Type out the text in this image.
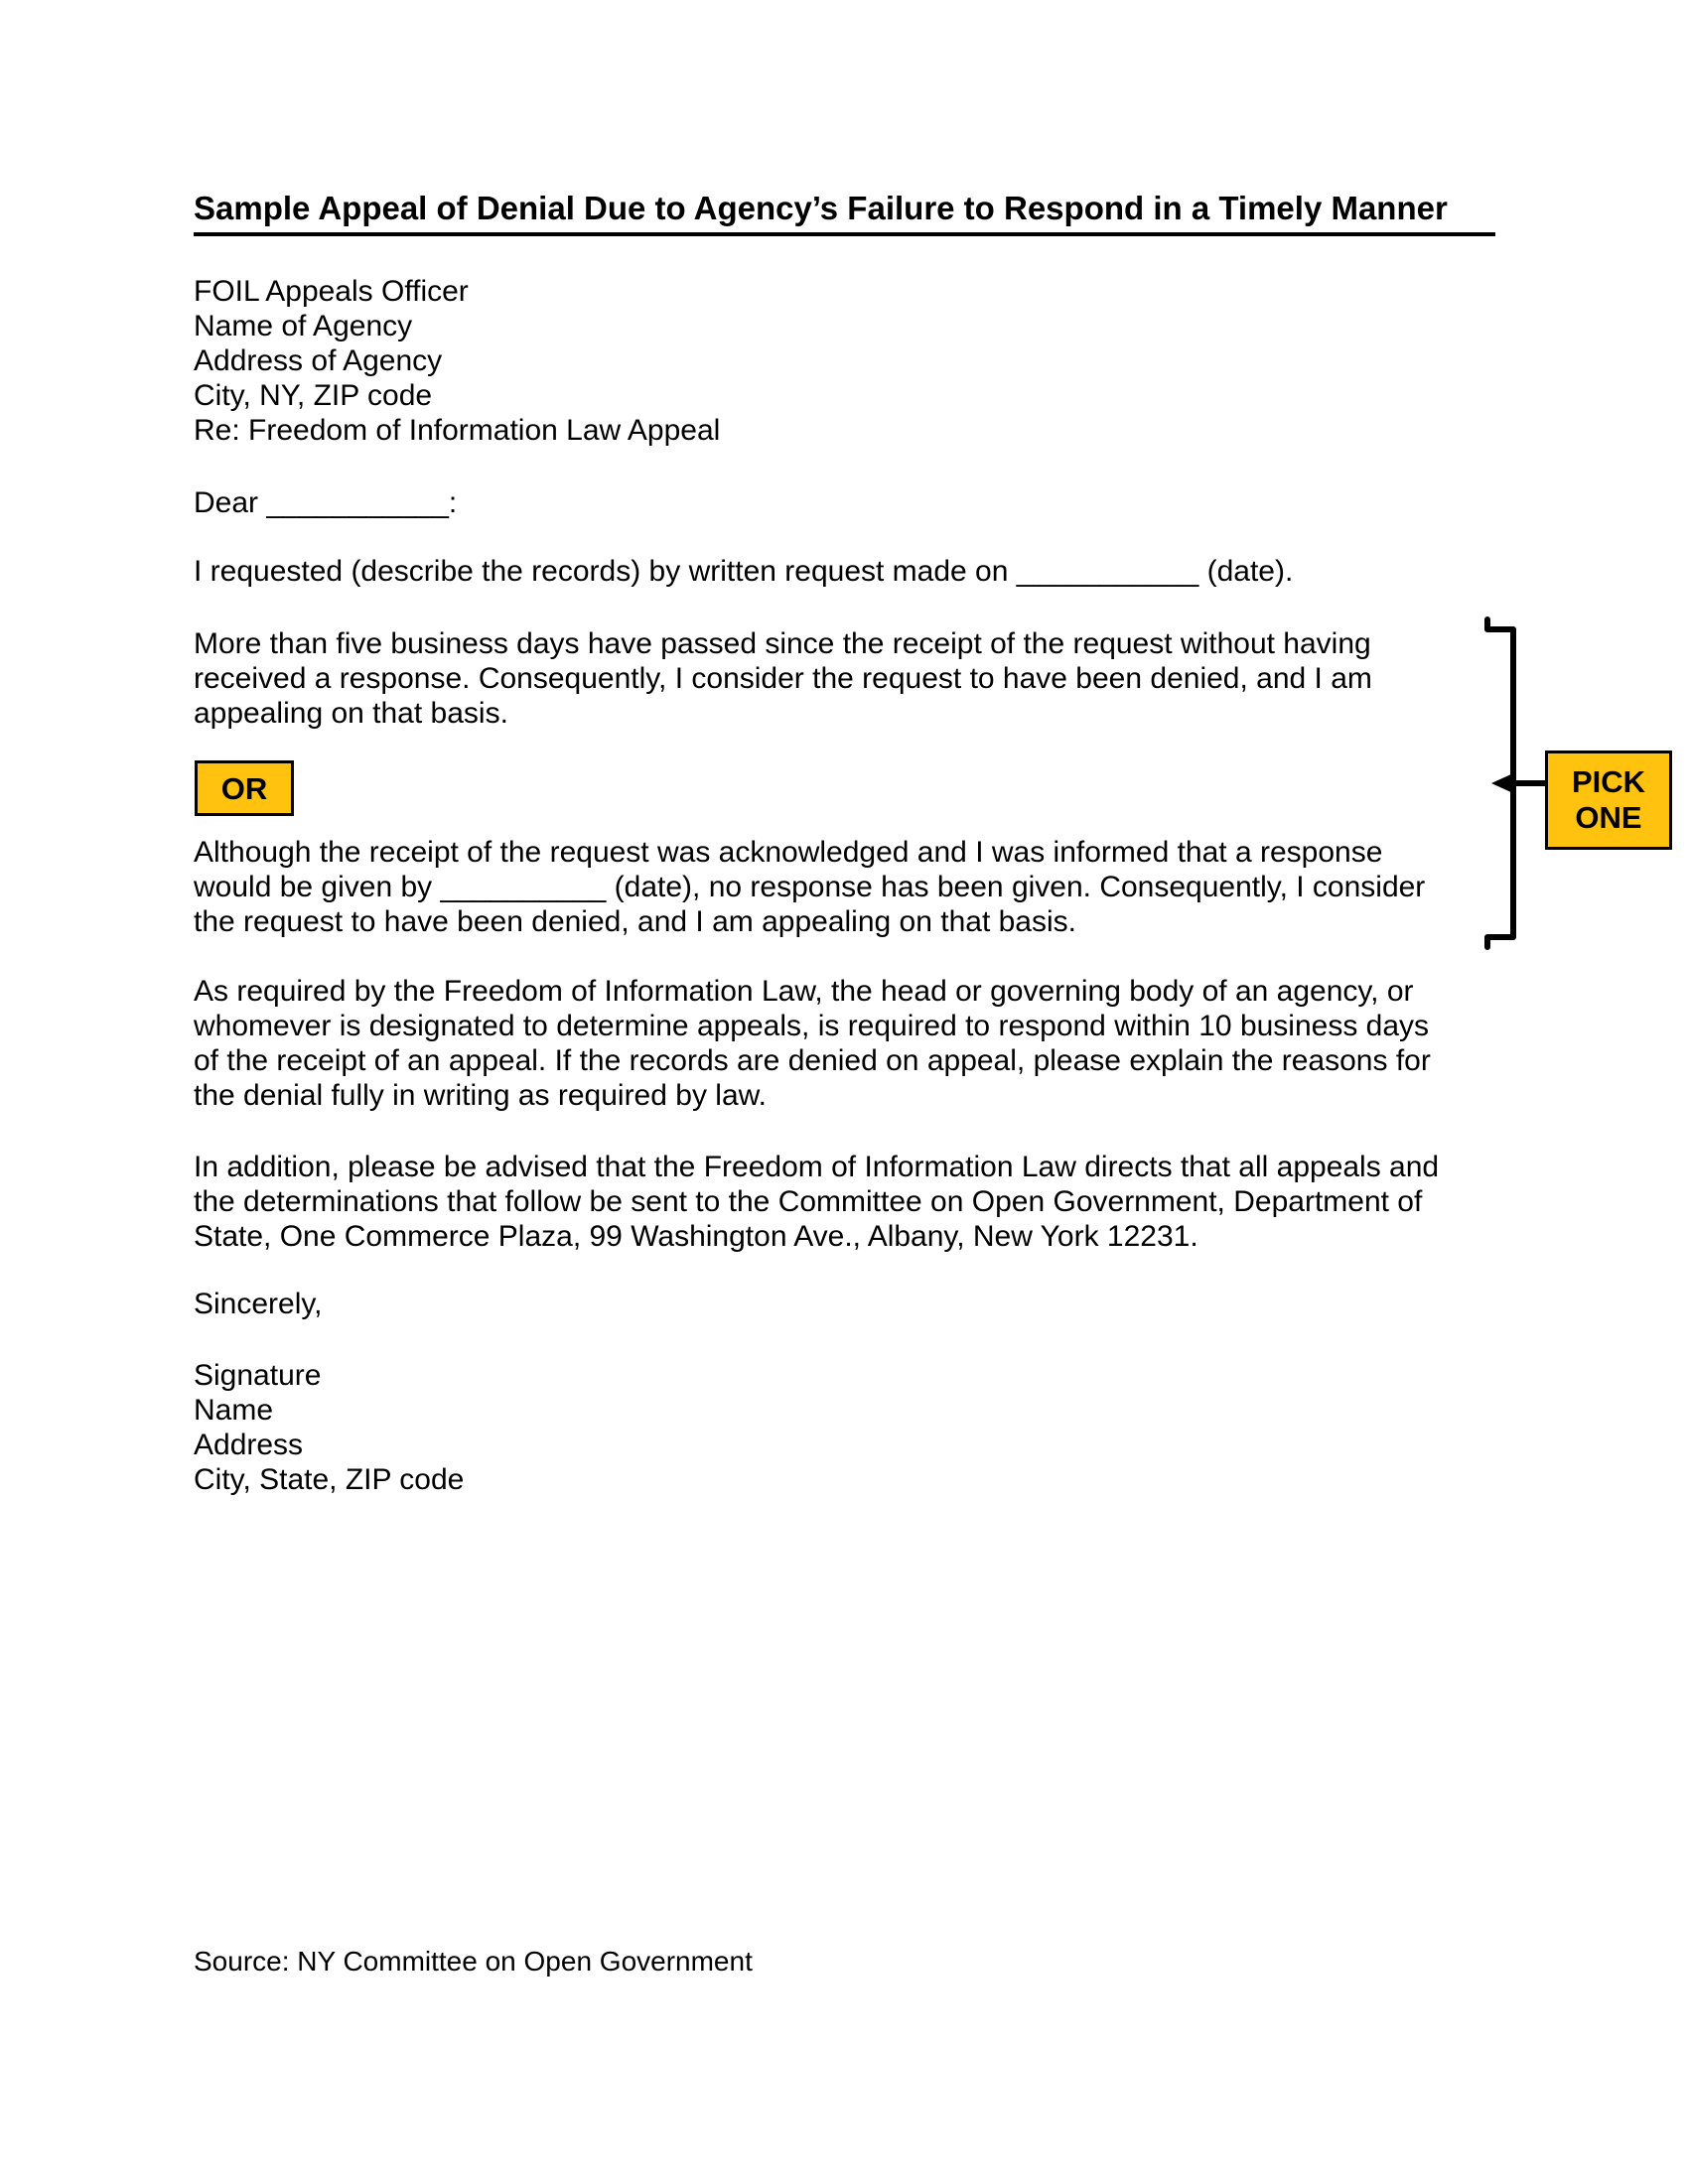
Sample Appeal of Denial Due to Agency’s Failure to Respond in a Timely Manner
FOIL Appeals Officer
Name of Agency
Address of Agency
City, NY, ZIP code
Re: Freedom of Information Law Appeal
Dear ___________:
I requested (describe the records) by written request made on ___________ (date).
More than five business days have passed since the receipt of the request without having
received a response. Consequently, I consider the request to have been denied, and I am
appealing on that basis.
OR
Although the receipt of the request was acknowledged and I was informed that a response
would be given by __________ (date), no response has been given. Consequently, I consider
the request to have been denied, and I am appealing on that basis.
PICK
ONE
As required by the Freedom of Information Law, the head or governing body of an agency, or
whomever is designated to determine appeals, is required to respond within 10 business days
of the receipt of an appeal. If the records are denied on appeal, please explain the reasons for
the denial fully in writing as required by law.
In addition, please be advised that the Freedom of Information Law directs that all appeals and
the determinations that follow be sent to the Committee on Open Government, Department of
State, One Commerce Plaza, 99 Washington Ave., Albany, New York 12231.
Sincerely,
Signature
Name
Address
City, State, ZIP code
Source: NY Committee on Open Government
